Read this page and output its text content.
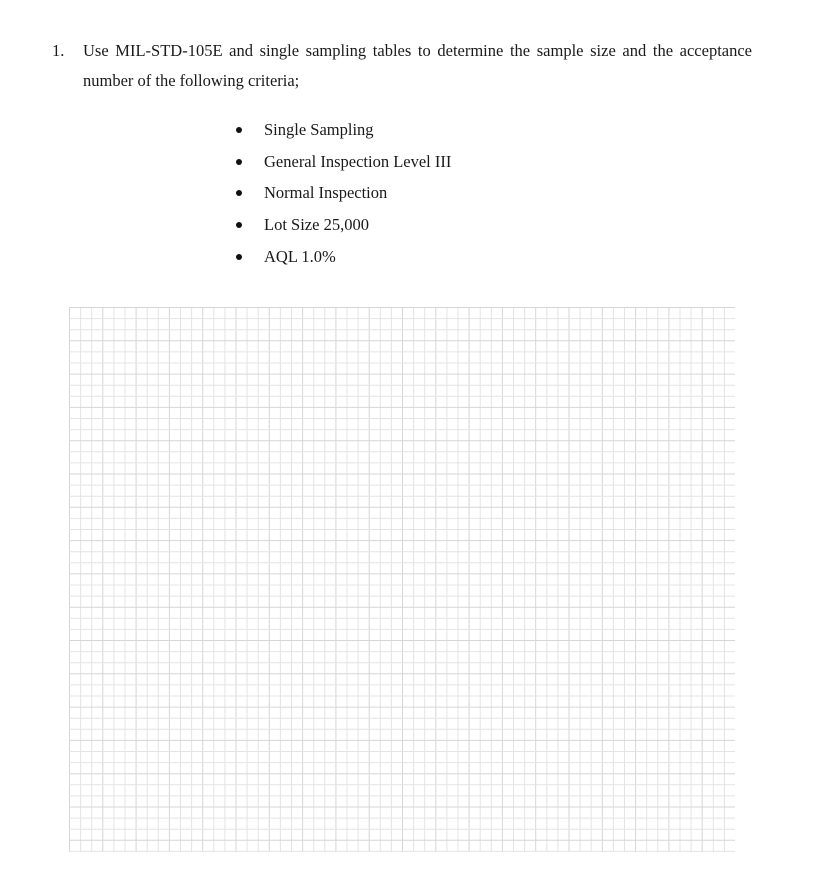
1. Use MIL-STD-105E and single sampling tables to determine the sample size and the acceptance number of the following criteria;
Single Sampling
General Inspection Level III
Normal Inspection
Lot Size 25,000
AQL 1.0%
